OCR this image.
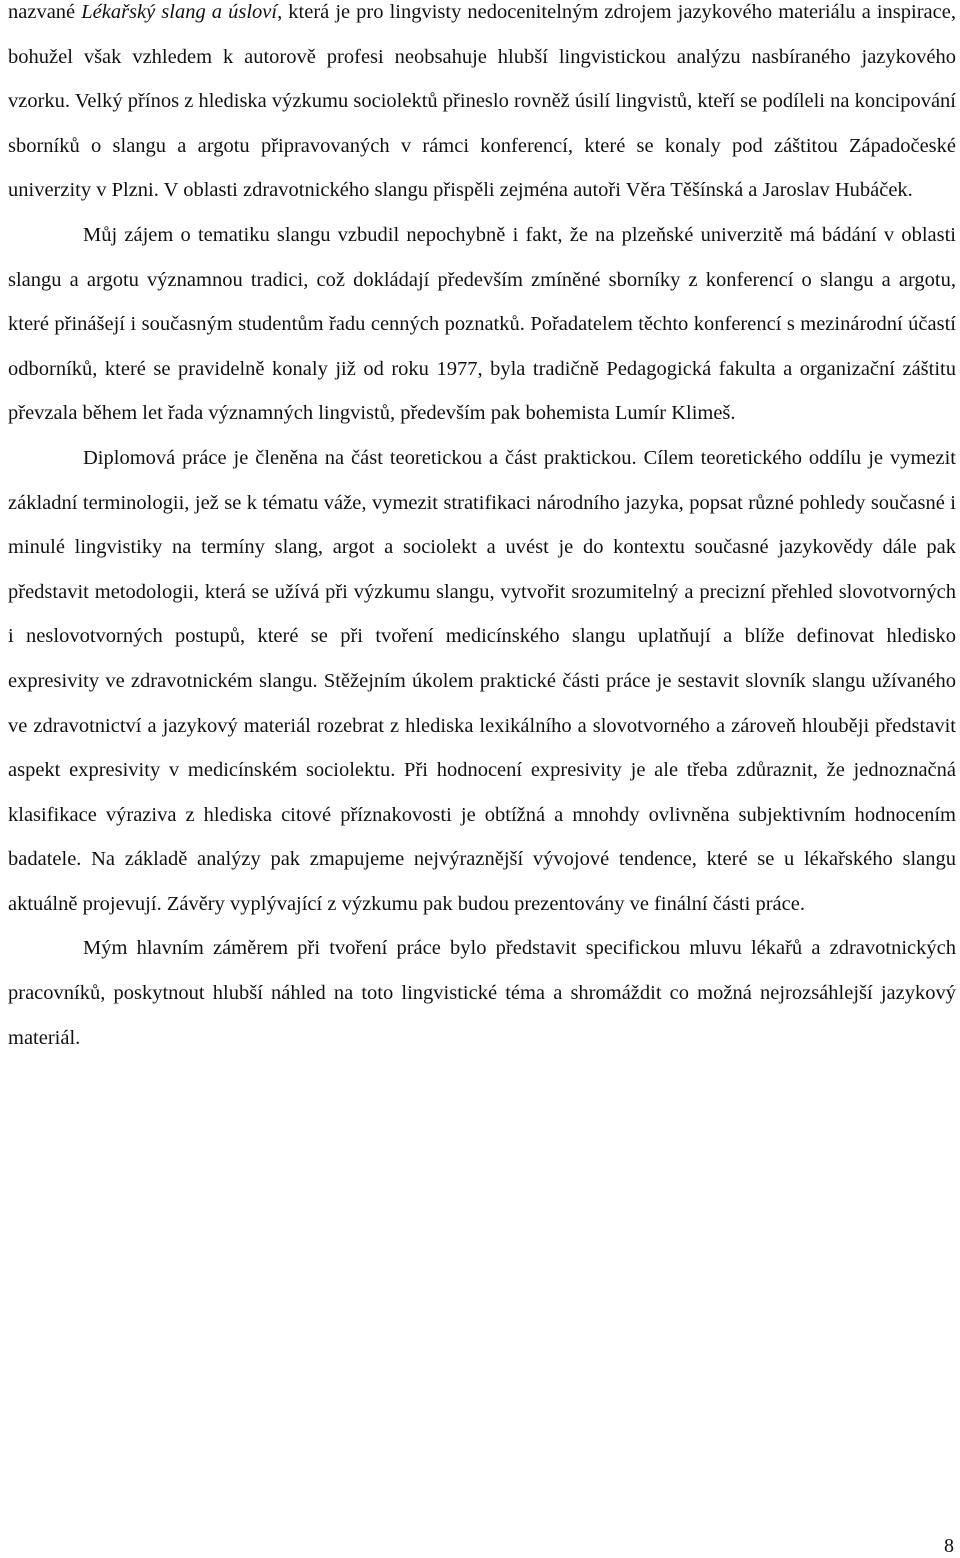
nazvané Lékařský slang a úsloví, která je pro lingvisty nedocenitelným zdrojem jazykového materiálu a inspirace, bohužel však vzhledem k autorově profesi neobsahuje hlubší lingvistickou analýzu nasbíraného jazykového vzorku. Velký přínos z hlediska výzkumu sociolektů přineslo rovněž úsilí lingvistů, kteří se podíleli na koncipování sborníků o slangu a argotu připravovaných v rámci konferencí, které se konaly pod záštitou Západočeské univerzity v Plzni. V oblasti zdravotnického slangu přispěli zejména autoři Věra Těšínská a Jaroslav Hubáček.

Můj zájem o tematiku slangu vzbudil nepochybně i fakt, že na plzeňské univerzitě má bádání v oblasti slangu a argotu významnou tradici, což dokládají především zmíněné sborníky z konferencí o slangu a argotu, které přinášejí i současným studentům řadu cenných poznatků. Pořadatelem těchto konferencí s mezinárodní účastí odborníků, které se pravidelně konaly již od roku 1977, byla tradičně Pedagogická fakulta a organizační záštitu převzala během let řada významných lingvistů, především pak bohemista Lumír Klimeš.

Diplomová práce je členěna na část teoretickou a část praktickou. Cílem teoretického oddílu je vymezit základní terminologii, jež se k tématu váže, vymezit stratifikaci národního jazyka, popsat různé pohledy současné i minulé lingvistiky na termíny slang, argot a sociolekt a uvést je do kontextu současné jazykovědy dále pak představit metodologii, která se užívá při výzkumu slangu, vytvořit srozumitelný a precizní přehled slovotvorných i neslovotvorných postupů, které se při tvoření medicínského slangu uplatňují a blíže definovat hledisko expresivity ve zdravotnickém slangu. Stěžejním úkolem praktické části práce je sestavit slovník slangu užívaného ve zdravotnictví a jazykový materiál rozebrat z hlediska lexikálního a slovotvorného a zároveň hlouběji představit aspekt expresivity v medicínském sociolektu. Při hodnocení expresivity je ale třeba zdůraznit, že jednoznačná klasifikace výraziva z hlediska citové příznakovosti je obtížná a mnohdy ovlivněna subjektivním hodnocením badatele. Na základě analýzy pak zmapujeme nejvýraznější vývojové tendence, které se u lékařského slangu aktuálně projevují. Závěry vyplývající z výzkumu pak budou prezentovány ve finální části práce.

Mým hlavním záměrem při tvoření práce bylo představit specifickou mluvu lékařů a zdravotnických pracovníků, poskytnout hlubší náhled na toto lingvistické téma a shromáždit co možná nejrozsáhlejší jazykový materiál.

8
